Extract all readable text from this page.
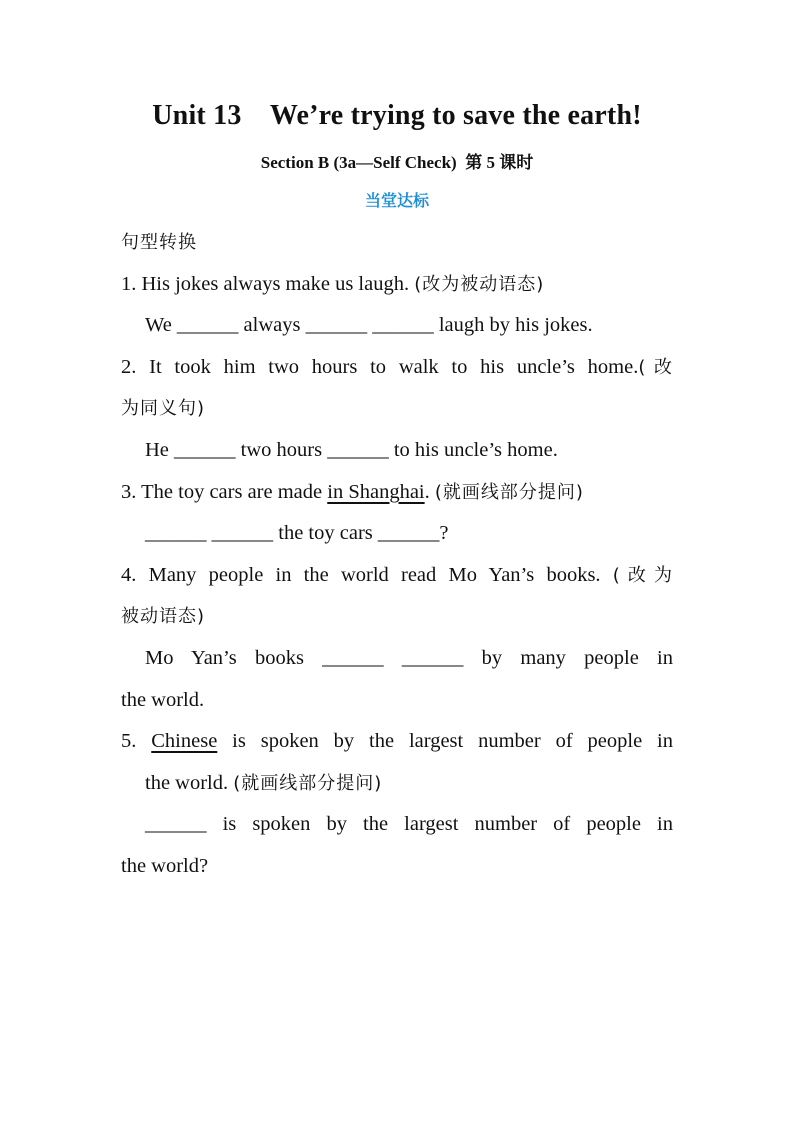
Unit 13    We’re trying to save the earth!
Section B (3a—Self Check)  第 5 课时
当堂达标
句型转换
1. His jokes always make us laugh. (改为被动语态)
We ______ always ______ ______ laugh by his jokes.
2. It took him two hours to walk to his uncle’s home.(改
为同义句)
He ______ two hours ______ to his uncle’s home.
3. The toy cars are made in Shanghai. (就画线部分提问)
______ ______ the toy cars ______?
4. Many people in the world read Mo Yan’s books. (改为
被动语态)
Mo Yan’s books ______ ______ by many people in
the world.
5. Chinese is spoken by the largest number of people in
the world. (就画线部分提问)
______ is spoken by the largest number of people in
the world?
